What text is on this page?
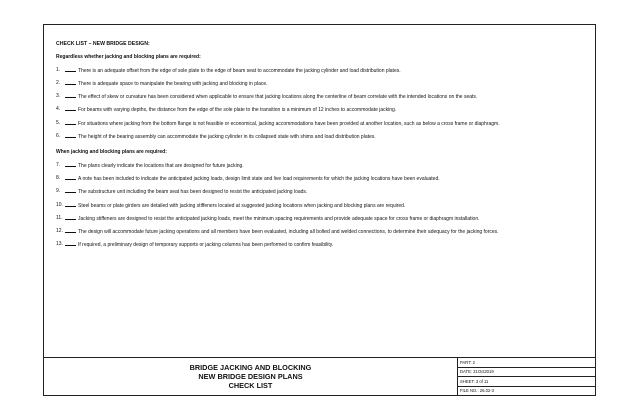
CHECK LIST – NEW BRIDGE DESIGN:
Regardless whether jacking and blocking plans are required:
1.	There is an adequate offset from the edge of sole plate to the edge of beam seat to accommodate the jacking cylinder and load distribution plates.
2.	There is adequate space to manipulate the bearing with jacking and blocking in place.
3.	The effect of skew or curvature has been considered when applicable to ensure that jacking locations along the centerline of beam correlate with the intended locations on the seats.
4.	For beams with varying depths, the distance from the edge of the sole plate to the transition is a minimum of 12 inches to accommodate jacking.
5.	For situations where jacking from the bottom flange is not feasible or economical, jacking accommodations have been provided at another location, such as below a cross frame or diaphragm.
6.	The height of the bearing assembly can accommodate the jacking cylinder in its collapsed state with shims and load distribution plates.
When jacking and blocking plans are required:
7.	The plans clearly indicate the locations that are designed for future jacking.
8.	A note has been included to indicate the anticipated jacking loads, design limit state and live load requirements for which the jacking locations have been evaluated.
9.	The substructure unit including the beam seat has been designed to resist the anticipated jacking loads.
10.	Steel beams or plate girders are detailed with jacking stiffeners located at suggested jacking locations when jacking and blocking plans are required.
11.	Jacking stiffeners are designed to resist the anticipated jacking loads, meet the minimum spacing requirements and provide adequate space for cross frame or diaphragm installation.
12.	The design will accommodate future jacking operations and all members have been evaluated, including all bolted and welded connections, to determine their adequacy for the jacking forces.
13.	If required, a preliminary design of temporary supports or jacking columns has been performed to confirm feasibility.
BRIDGE JACKING AND BLOCKING
NEW BRIDGE DESIGN PLANS
CHECK LIST
PART: 2
DATE: 31Oct2019
SHEET: 3 of 11
FILE NO.: 26.02-3
